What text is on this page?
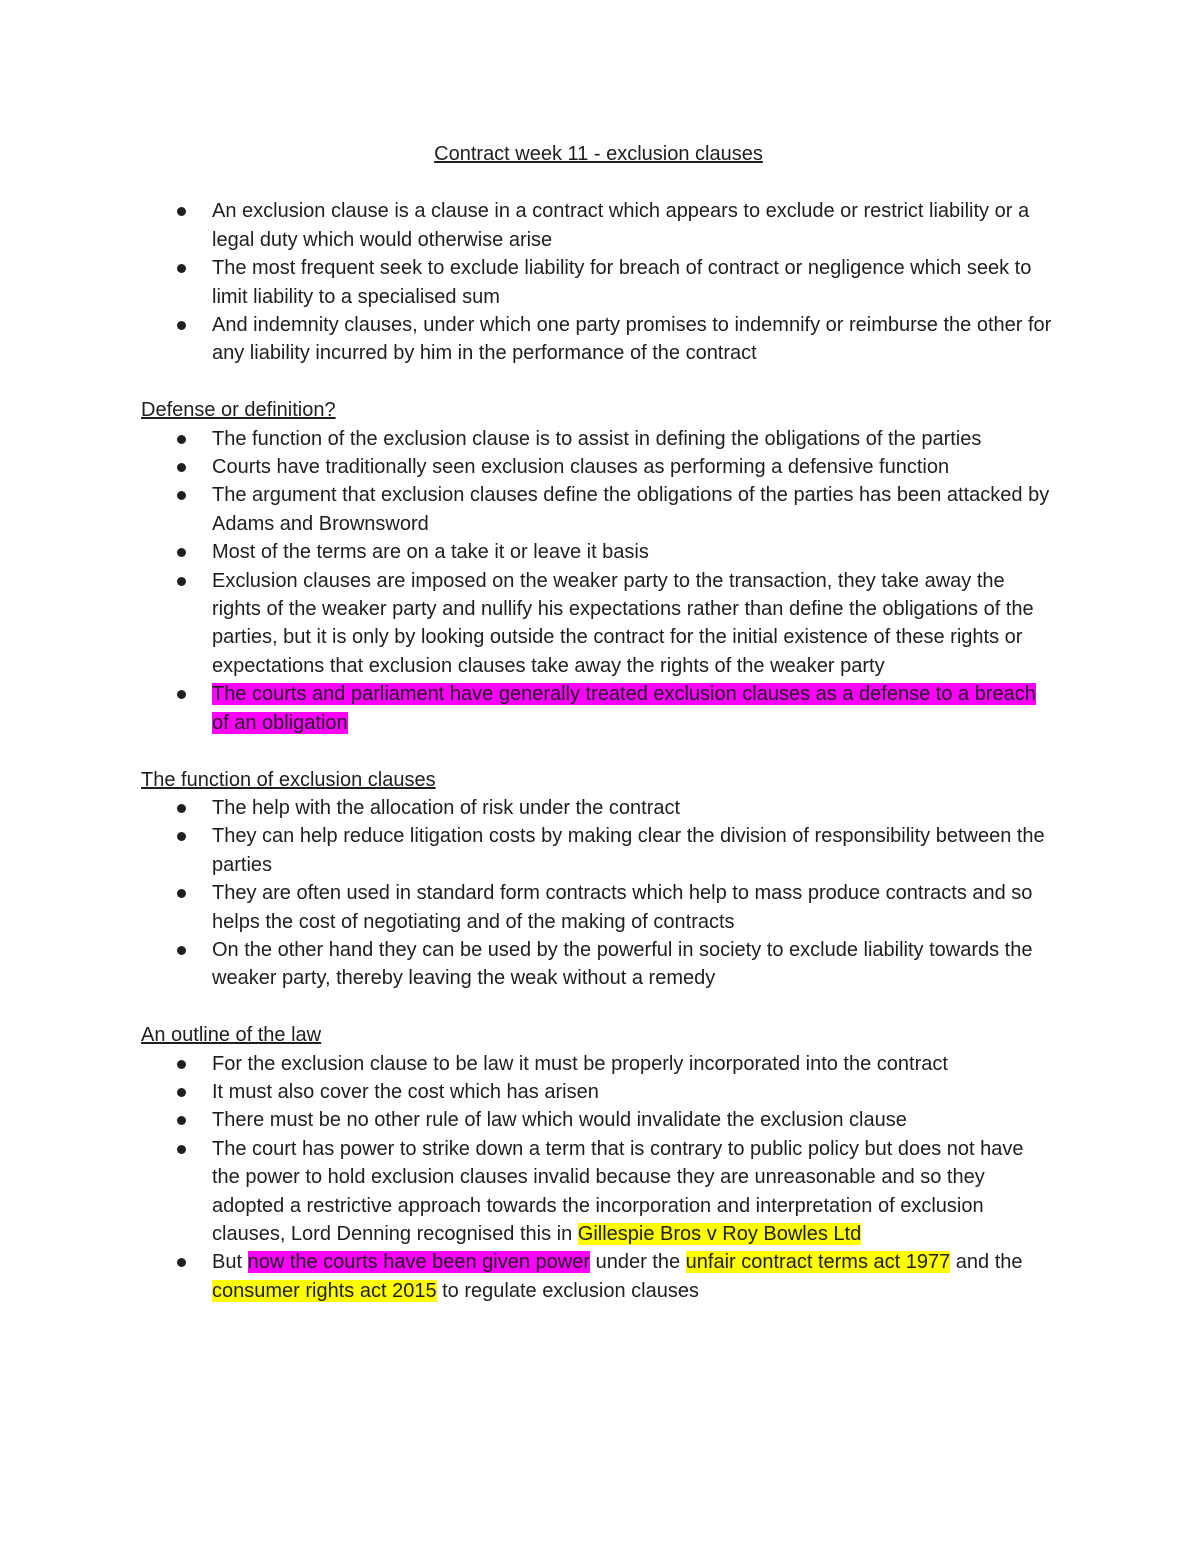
Contract week 11 - exclusion clauses
An exclusion clause is a clause in a contract which appears to exclude or restrict liability or a legal duty which would otherwise arise
The most frequent seek to exclude liability for breach of contract or negligence which seek to limit liability to a specialised sum
And indemnity clauses, under which one party promises to indemnify or reimburse the other for any liability incurred by him in the performance of the contract
Defense or definition?
The function of the exclusion clause is to assist in defining the obligations of the parties
Courts have traditionally seen exclusion clauses as performing a defensive function
The argument that exclusion clauses define the obligations of the parties has been attacked by Adams and Brownsword
Most of the terms are on a take it or leave it basis
Exclusion clauses are imposed on the weaker party to the transaction, they take away the rights of the weaker party and nullify his expectations rather than define the obligations of the parties, but it is only by looking outside the contract for the initial existence of these rights or expectations that exclusion clauses take away the rights of the weaker party
The courts and parliament have generally treated exclusion clauses as a defense to a breach of an obligation
The function of exclusion clauses
The help with the allocation of risk under the contract
They can help reduce litigation costs by making clear the division of responsibility between the parties
They are often used in standard form contracts which help to mass produce contracts and so helps the cost of negotiating and of the making of contracts
On the other hand they can be used by the powerful in society to exclude liability towards the weaker party, thereby leaving the weak without a remedy
An outline of the law
For the exclusion clause to be law it must be properly incorporated into the contract
It must also cover the cost which has arisen
There must be no other rule of law which would invalidate the exclusion clause
The court has power to strike down a term that is contrary to public policy but does not have the power to hold exclusion clauses invalid because they are unreasonable and so they adopted a restrictive approach towards the incorporation and interpretation of exclusion clauses, Lord Denning recognised this in Gillespie Bros v Roy Bowles Ltd
But now the courts have been given power under the unfair contract terms act 1977 and the consumer rights act 2015 to regulate exclusion clauses
